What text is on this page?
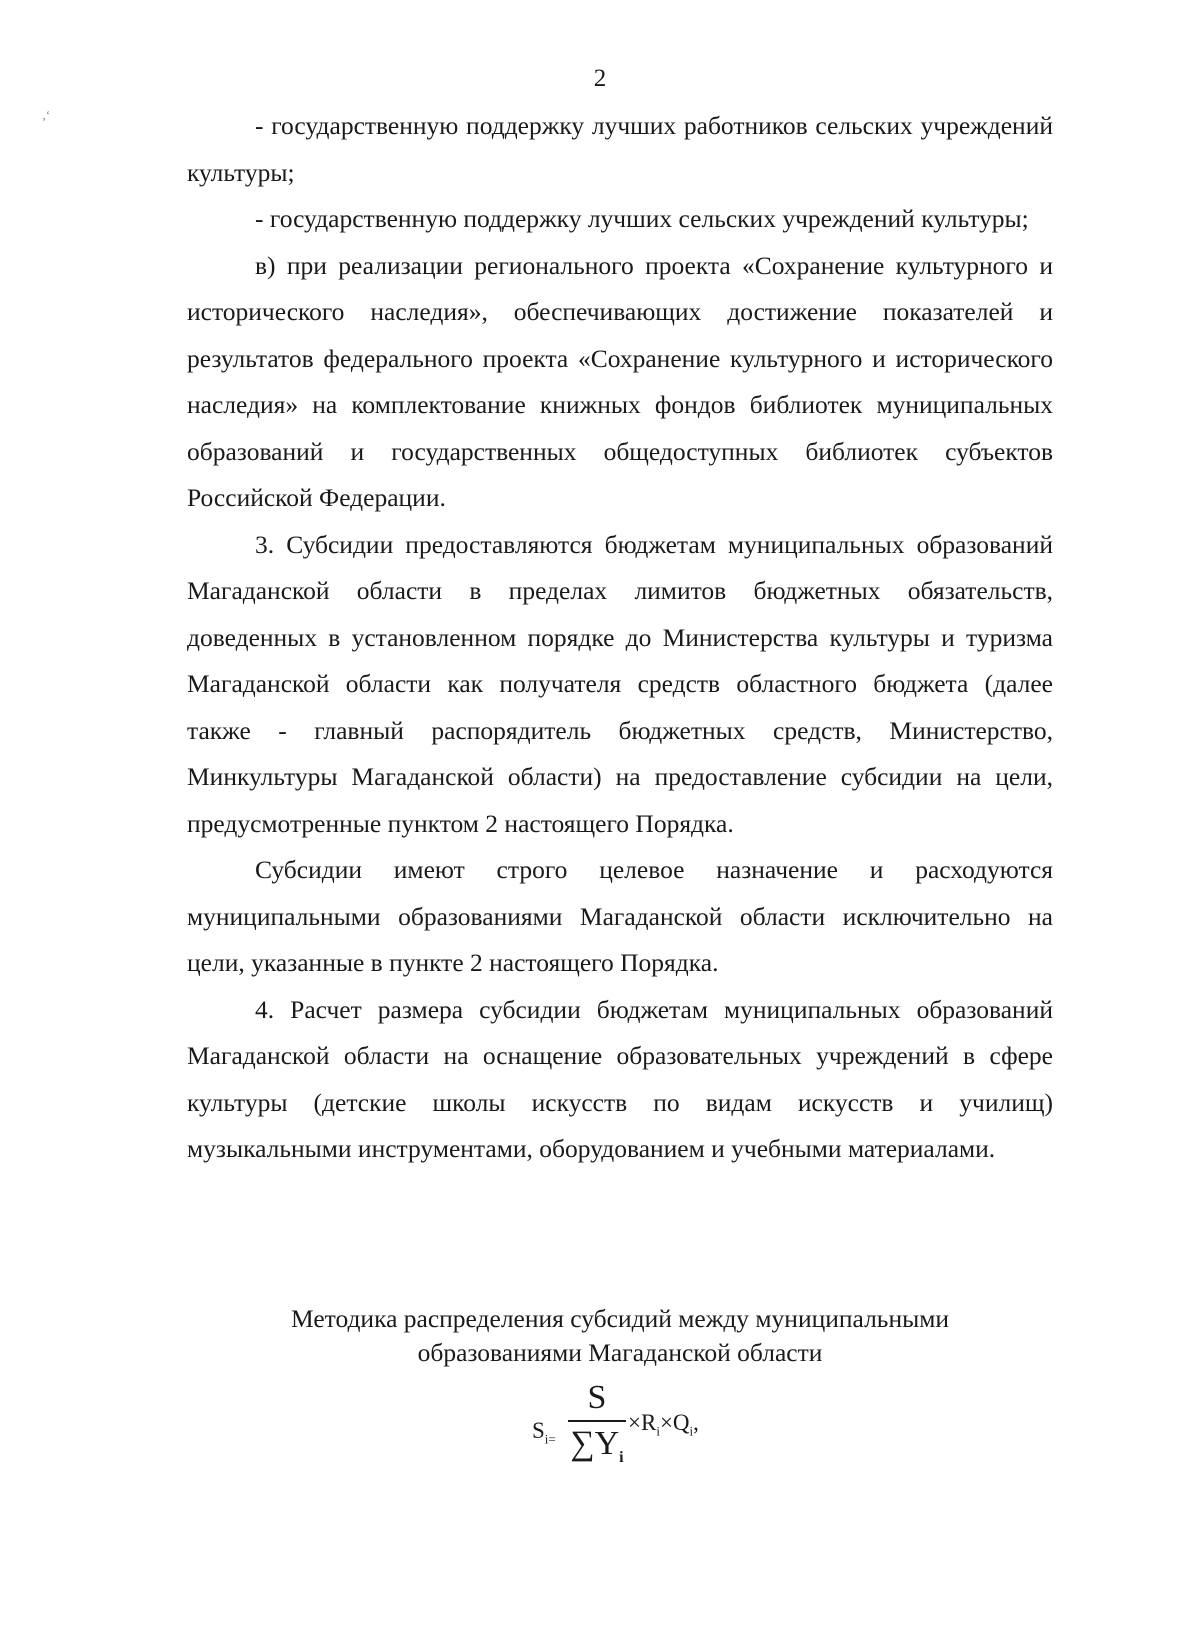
2
‚‘	- государственную поддержку лучших работников сельских учреждений культуры;

- государственную поддержку лучших сельских учреждений культуры;

в) при реализации регионального проекта «Сохранение культурного и исторического наследия», обеспечивающих достижение показателей и результатов федерального проекта «Сохранение культурного и исторического наследия» на комплектование книжных фондов библиотек муниципальных образований и государственных общедоступных библиотек субъектов Российской Федерации.

3. Субсидии предоставляются бюджетам муниципальных образований Магаданской области в пределах лимитов бюджетных обязательств, доведенных в установленном порядке до Министерства культуры и туризма Магаданской области как получателя средств областного бюджета (далее также - главный распорядитель бюджетных средств, Министерство, Минкультуры Магаданской области) на предоставление субсидии на цели, предусмотренные пунктом 2 настоящего Порядка.

Субсидии имеют строго целевое назначение и расходуются муниципальными образованиями Магаданской области исключительно на цели, указанные в пункте 2 настоящего Порядка.

4. Расчет размера субсидии бюджетам муниципальных образований Магаданской области на оснащение образовательных учреждений в сфере культуры (детские школы искусств по видам искусств и училищ) музыкальными инструментами, оборудованием и учебными материалами.

Методика распределения субсидий между муниципальными
образованиями Магаданской области
$S_{i=}$
S
$\sum Y_i$
$\times R_i\times Q_i$,
